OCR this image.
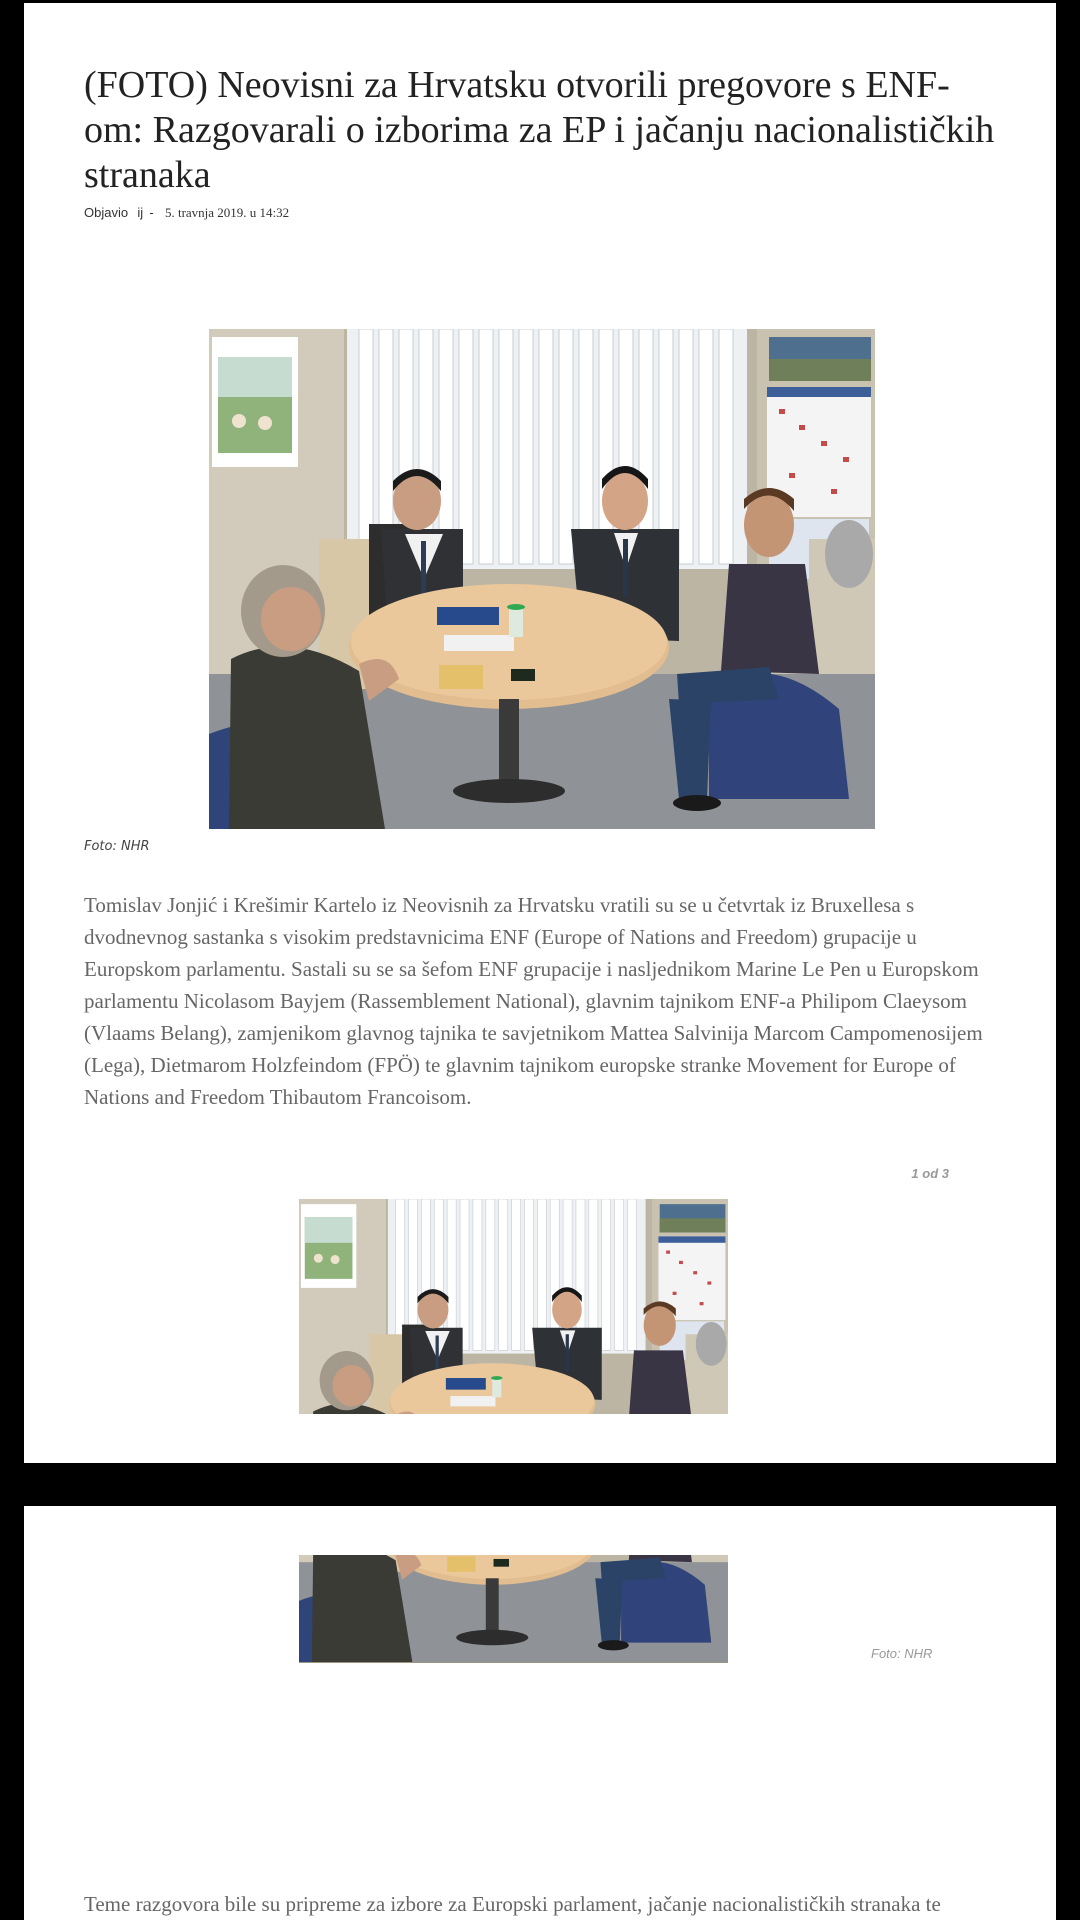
(FOTO) Neovisni za Hrvatsku otvorili pregovore s ENF-om: Razgovarali o izborima za EP i jačanju nacionalističkih stranaka
Objavio ij - 5. travnja 2019. u 14:32
Foto: NHR

Tomislav Jonjić i Krešimir Kartelo iz Neovisnih za Hrvatsku vratili su se u četvrtak iz Bruxellesa s dvodnevnog sastanka s visokim predstavnicima ENF (Europe of Nations and Freedom) grupacije u Europskom parlamentu. Sastali su se sa šefom ENF grupacije i nasljednikom Marine Le Pen u Europskom parlamentu Nicolasom Bayjem (Rassemblement National), glavnim tajnikom ENF-a Philipom Claeysom (Vlaams Belang), zamjenikom glavnog tajnika te savjetnikom Mattea Salvinija Marcom Campomenosijem (Lega), Dietmarom Holzfeindom (FPÖ) te glavnim tajnikom europske stranke Movement for Europe of Nations and Freedom Thibautom Francoisom.

1 od 3
Foto: NHR

Teme razgovora bile su pripreme za izbore za Europski parlament, jačanje nacionalističkih stranaka te
